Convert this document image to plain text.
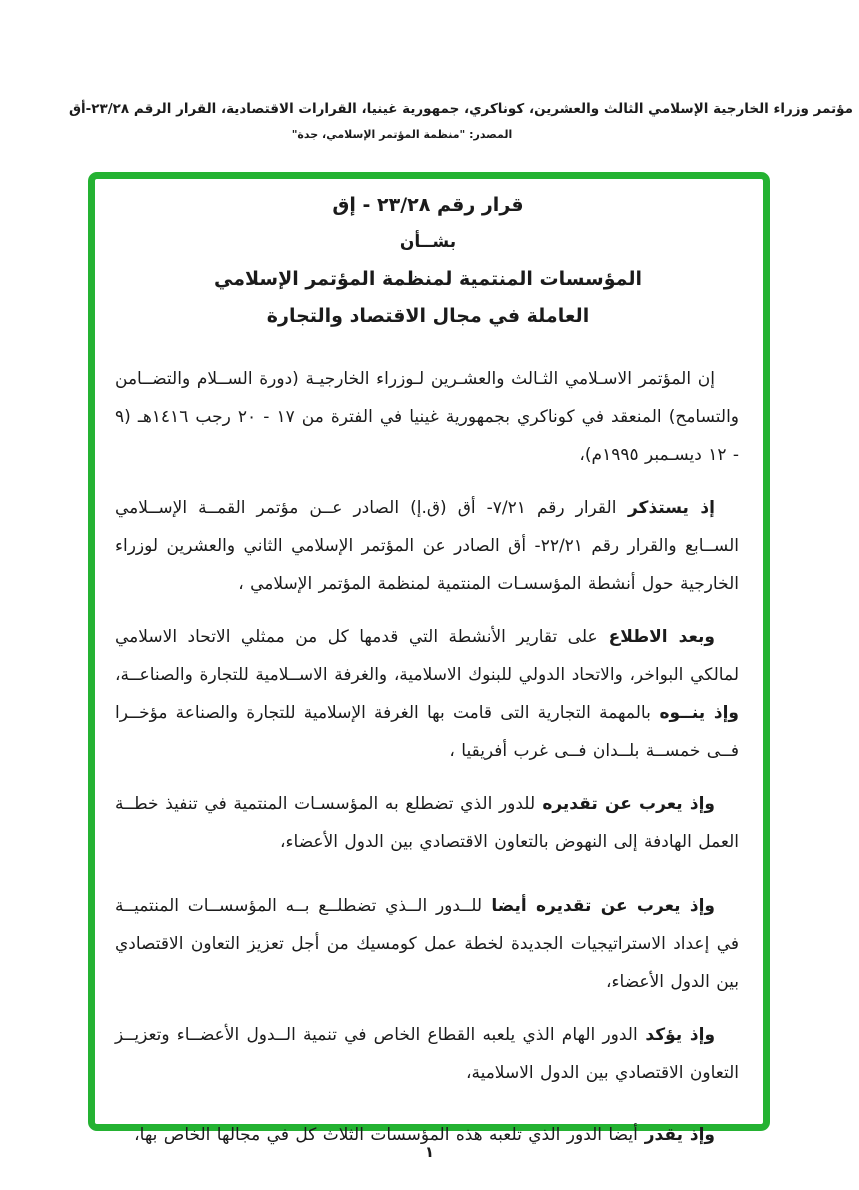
مؤتمر وزراء الخارجية الإسلامي الثالث والعشرين، كوناكري، جمهورية غينيا، القرارات الاقتصادية، القرار الرقم ٢٣/٢٨-أق
المصدر: "منظمة المؤتمر الإسلامي، جدة"
قرار رقم ٢٣/٢٨ - إق
بشــأن
المؤسسات المنتمية لمنظمة المؤتمر الإسلامي
العاملة في مجال الاقتصاد والتجارة

إن المؤتمر الاسـلامي الثـالث والعشـرين لـوزراء الخارجيـة (دورة الســلام والتضــامن والتسامح) المنعقد في كوناكري بجمهورية غينيا في الفترة من ١٧ - ٢٠ رجب ١٤١٦هـ (٩ - ١٢ ديسـمبر ١٩٩٥م)،

إذ يستذكر القرار رقم ٧/٢١- أق (ق.إ) الصادر عــن مؤتمر القمــة الإســلامي الســابع والقرار رقم ٢٢/٢١- أق الصادر عن المؤتمر الإسلامي الثاني والعشرين لوزراء الخارجية حول أنشطة المؤسسـات المنتمية لمنظمة المؤتمر الإسلامي ،

وبعد الاطلاع على تقارير الأنشطة التي قدمها كل من ممثلي الاتحاد الاسلامي لمالكي البواخر، والاتحاد الدولي للبنوك الاسلامية، والغرفة الاســلامية للتجارة والصناعــة، وإذ ينــوه بالمهمة التجارية التى قامت بها الغرفة الإسلامية للتجارة والصناعة مؤخــرا فــى خمســة بلــدان فــى غرب أفريقيا ،

وإذ يعرب عن تقديره للدور الذي تضطلع به المؤسسـات المنتمية في تنفيذ خطــة العمل الهادفة إلى النهوض بالتعاون الاقتصادي بين الدول الأعضاء،

وإذ يعرب عن تقديره أيضا للــدور الــذي تضطلــع بــه المؤسســات المنتميــة في إعداد الاستراتيجيات الجديدة لخطة عمل كومسيك من أجل تعزيز التعاون الاقتصادي بين الدول الأعضاء،

وإذ يؤكد الدور الهام الذي يلعبه القطاع الخاص في تنمية الــدول الأعضــاء وتعزيــز التعاون الاقتصادي بين الدول الاسلامية،

وإذ يقدر أيضا الدور الذي تلعبه هذه المؤسسات الثلاث كل في مجالها الخاص بها،

١
